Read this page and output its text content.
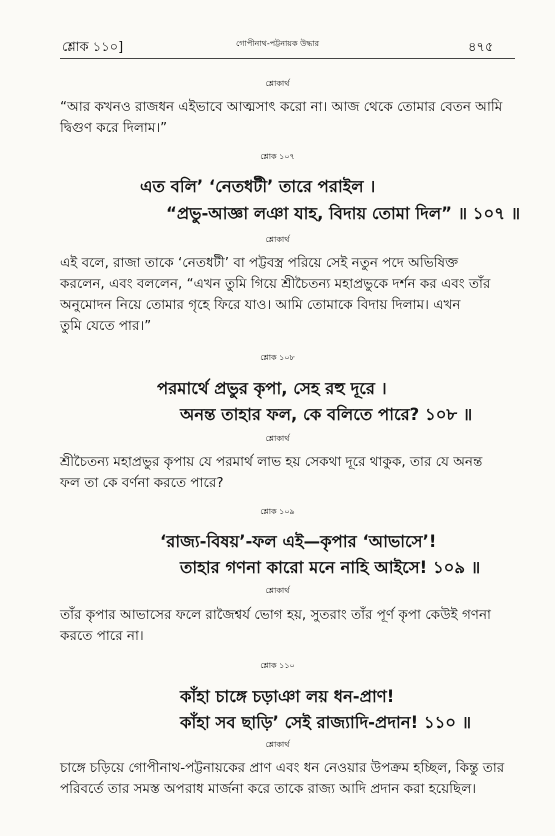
শ্লোক ১১০]	গোপীনাথ-পট্টনায়ক উদ্ধার	৪৭৫
শ্লোকার্থ
“আর কখনও রাজধন এইভাবে আত্মসাৎ করো না। আজ থেকে তোমার বেতন আমি
দ্বিগুণ করে দিলাম।”
শ্লোক ১০৭
এত বলি’ ‘নেতধটী’ তারে পরাইল ।
“প্রভু-আজ্ঞা লঞা যাহ, বিদায় তোমা দিল” ॥ ১০৭ ॥
শ্লোকার্থ
এই বলে, রাজা তাকে ‘নেতধটী’ বা পট্টবস্ত্র পরিয়ে সেই নতুন পদে অভিষিক্ত
করলেন, এবং বললেন, “এখন তুমি গিয়ে শ্রীচৈতন্য মহাপ্রভুকে দর্শন কর এবং তাঁর
অনুমোদন নিয়ে তোমার গৃহে ফিরে যাও। আমি তোমাকে বিদায় দিলাম। এখন
তুমি যেতে পার।”
শ্লোক ১০৮
পরমার্থে প্রভুর কৃপা, সেহ রহু দূরে ।
অনন্ত তাহার ফল, কে বলিতে পারে? ১০৮ ॥
শ্লোকার্থ
শ্রীচৈতন্য মহাপ্রভুর কৃপায় যে পরমার্থ লাভ হয় সেকথা দূরে থাকুক, তার যে অনন্ত
ফল তা কে বর্ণনা করতে পারে?
শ্লোক ১০৯
‘রাজ্য-বিষয়’-ফল এই—কৃপার ‘আভাসে’!
তাহার গণনা কারো মনে নাহি আইসে! ১০৯ ॥
শ্লোকার্থ
তাঁর কৃপার আভাসের ফলে রাজৈশ্বর্য ভোগ হয়, সুতরাং তাঁর পূর্ণ কৃপা কেউই গণনা
করতে পারে না।
শ্লোক ১১০
কাঁহা চাঙ্গে চড়াঞা লয় ধন-প্রাণ!
কাঁহা সব ছাড়ি’ সেই রাজ্যাদি-প্রদান! ১১০ ॥
শ্লোকার্থ
চাঙ্গে চড়িয়ে গোপীনাথ-পট্টনায়কের প্রাণ এবং ধন নেওয়ার উপক্রম হচ্ছিল, কিন্তু তার
পরিবর্তে তার সমস্ত অপরাধ মার্জনা করে তাকে রাজ্য আদি প্রদান করা হয়েছিল।
